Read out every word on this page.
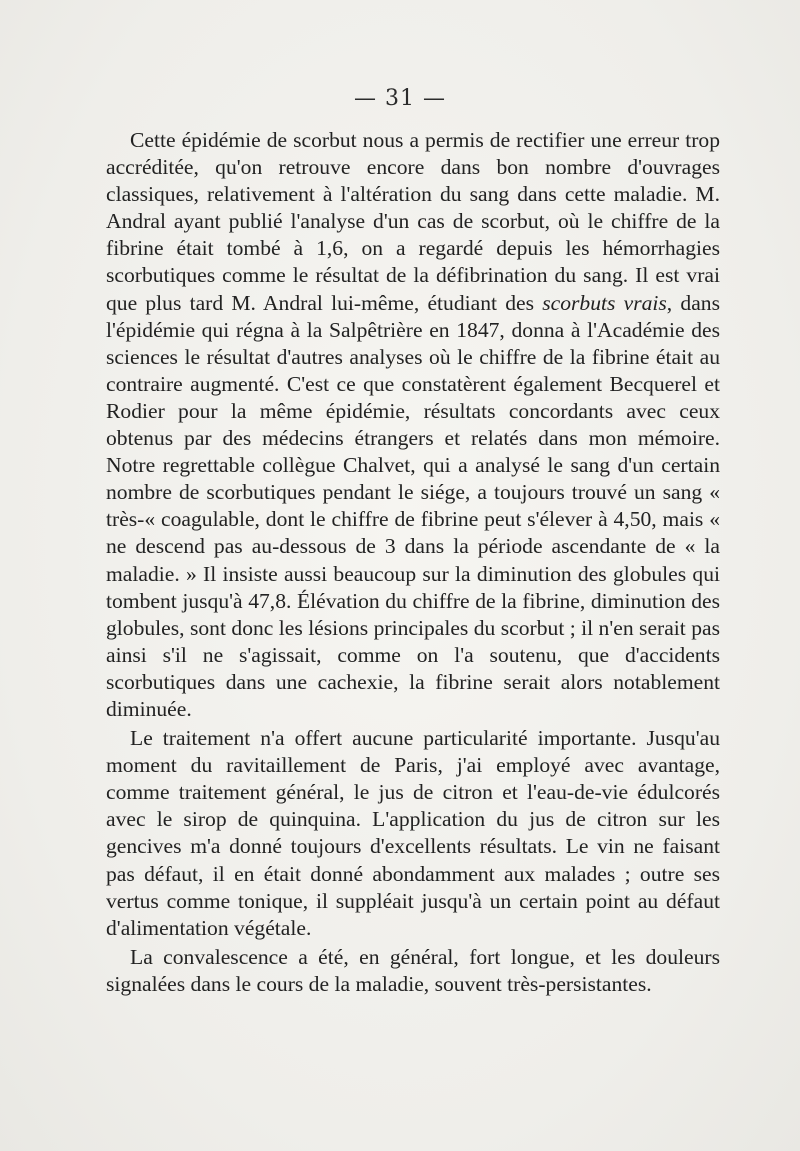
— 31 —

Cette épidémie de scorbut nous a permis de rectifier une erreur trop accréditée, qu'on retrouve encore dans bon nombre d'ouvrages classiques, relativement à l'altération du sang dans cette maladie. M. Andral ayant publié l'analyse d'un cas de scorbut, où le chiffre de la fibrine était tombé à 1,6, on a regardé depuis les hémorrhagies scorbutiques comme le résultat de la défibrination du sang. Il est vrai que plus tard M. Andral lui-même, étudiant des scorbuts vrais, dans l'épidémie qui régna à la Salpêtrière en 1847, donna à l'Académie des sciences le résultat d'autres analyses où le chiffre de la fibrine était au contraire augmenté. C'est ce que constatèrent également Becquerel et Rodier pour la même épidémie, résultats concordants avec ceux obtenus par des médecins étrangers et relatés dans mon mémoire. Notre regrettable collègue Chalvet, qui a analysé le sang d'un certain nombre de scorbutiques pendant le siége, a toujours trouvé un sang « très-« coagulable, dont le chiffre de fibrine peut s'élever à 4,50, mais « ne descend pas au-dessous de 3 dans la période ascendante de « la maladie. » Il insiste aussi beaucoup sur la diminution des globules qui tombent jusqu'à 47,8. Élévation du chiffre de la fibrine, diminution des globules, sont donc les lésions principales du scorbut ; il n'en serait pas ainsi s'il ne s'agissait, comme on l'a soutenu, que d'accidents scorbutiques dans une cachexie, la fibrine serait alors notablement diminuée.

Le traitement n'a offert aucune particularité importante. Jusqu'au moment du ravitaillement de Paris, j'ai employé avec avantage, comme traitement général, le jus de citron et l'eau-de-vie édulcorés avec le sirop de quinquina. L'application du jus de citron sur les gencives m'a donné toujours d'excellents résultats. Le vin ne faisant pas défaut, il en était donné abondamment aux malades ; outre ses vertus comme tonique, il suppléait jusqu'à un certain point au défaut d'alimentation végétale.

La convalescence a été, en général, fort longue, et les douleurs signalées dans le cours de la maladie, souvent très-persistantes.
